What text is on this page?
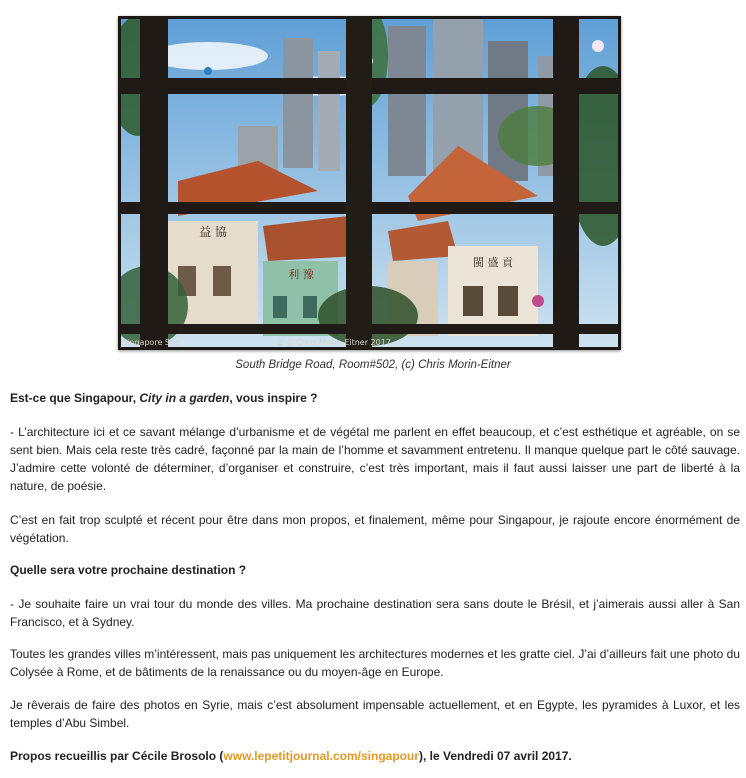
益 協
利 豫
閩 盛 貢
Singapore Soc	2 © Chris Morin-Eitner 2017
South Bridge Road, Room#502, (c) Chris Morin-Eitner

Est-ce que Singapour, City in a garden, vous inspire ?

- L’architecture ici et ce savant mélange d’urbanisme et de végétal me parlent en effet beaucoup, et c’est esthétique et agréable, on se sent bien. Mais cela reste très cadré, façonné par la main de l’homme et savamment entretenu. Il manque quelque part le côté sauvage. J’admire cette volonté de déterminer, d’organiser et construire, c’est très important, mais il faut aussi laisser une part de liberté à la nature, de poésie.

C’est en fait trop sculpté et récent pour être dans mon propos, et finalement, même pour Singapour, je rajoute encore énormément de végétation.

Quelle sera votre prochaine destination ?

- Je souhaite faire un vrai tour du monde des villes. Ma prochaine destination sera sans doute le Brésil, et j’aimerais aussi aller à San Francisco, et à Sydney.

Toutes les grandes villes m’intéressent, mais pas uniquement les architectures modernes et les gratte ciel. J’ai d’ailleurs fait une photo du Colysée à Rome, et de bâtiments de la renaissance ou du moyen-âge en Europe.

Je rêverais de faire des photos en Syrie, mais c’est absolument impensable actuellement, et en Egypte, les pyramides à Luxor, et les temples d’Abu Simbel.

Propos recueillis par Cécile Brosolo (www.lepetitjournal.com/singapour), le Vendredi 07 avril 2017.
